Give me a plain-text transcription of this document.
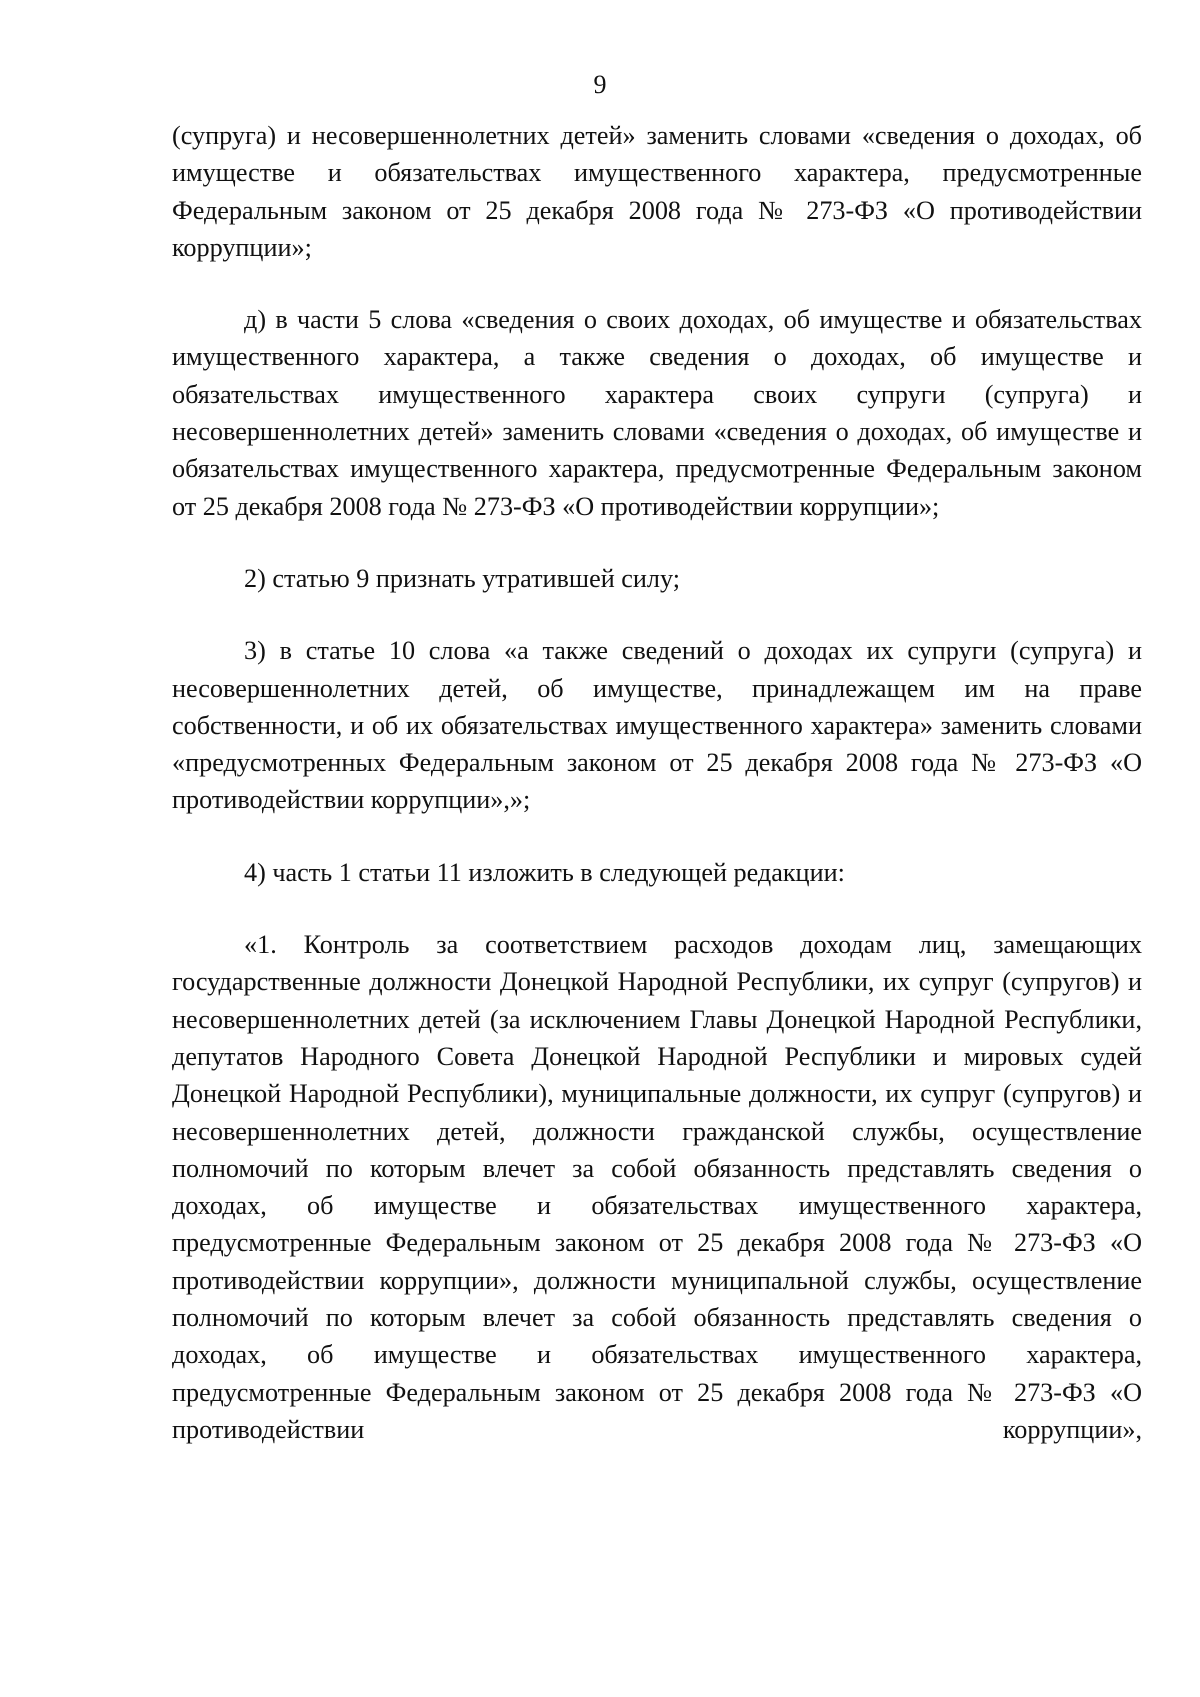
9

(супруга) и несовершеннолетних детей» заменить словами «сведения о доходах, об имуществе и обязательствах имущественного характера, предусмотренные Федеральным законом от 25 декабря 2008 года № 273-ФЗ «О противодействии коррупции»;

д) в части 5 слова «сведения о своих доходах, об имуществе и обязательствах имущественного характера, а также сведения о доходах, об имуществе и обязательствах имущественного характера своих супруги (супруга) и несовершеннолетних детей» заменить словами «сведения о доходах, об имуществе и обязательствах имущественного характера, предусмотренные Федеральным законом от 25 декабря 2008 года № 273-ФЗ «О противодействии коррупции»;

2) статью 9 признать утратившей силу;

3) в статье 10 слова «а также сведений о доходах их супруги (супруга) и несовершеннолетних детей, об имуществе, принадлежащем им на праве собственности, и об их обязательствах имущественного характера» заменить словами «предусмотренных Федеральным законом от 25 декабря 2008 года № 273-ФЗ «О противодействии коррупции»,»;

4) часть 1 статьи 11 изложить в следующей редакции:

«1. Контроль за соответствием расходов доходам лиц, замещающих государственные должности Донецкой Народной Республики, их супруг (супругов) и несовершеннолетних детей (за исключением Главы Донецкой Народной Республики, депутатов Народного Совета Донецкой Народной Республики и мировых судей Донецкой Народной Республики), муниципальные должности, их супруг (супругов) и несовершеннолетних детей, должности гражданской службы, осуществление полномочий по которым влечет за собой обязанность представлять сведения о доходах, об имуществе и обязательствах имущественного характера, предусмотренные Федеральным законом от 25 декабря 2008 года № 273-ФЗ «О противодействии коррупции», должности муниципальной службы, осуществление полномочий по которым влечет за собой обязанность представлять сведения о доходах, об имуществе и обязательствах имущественного характера, предусмотренные Федеральным законом от 25 декабря 2008 года № 273-ФЗ «О противодействии коррупции»,
